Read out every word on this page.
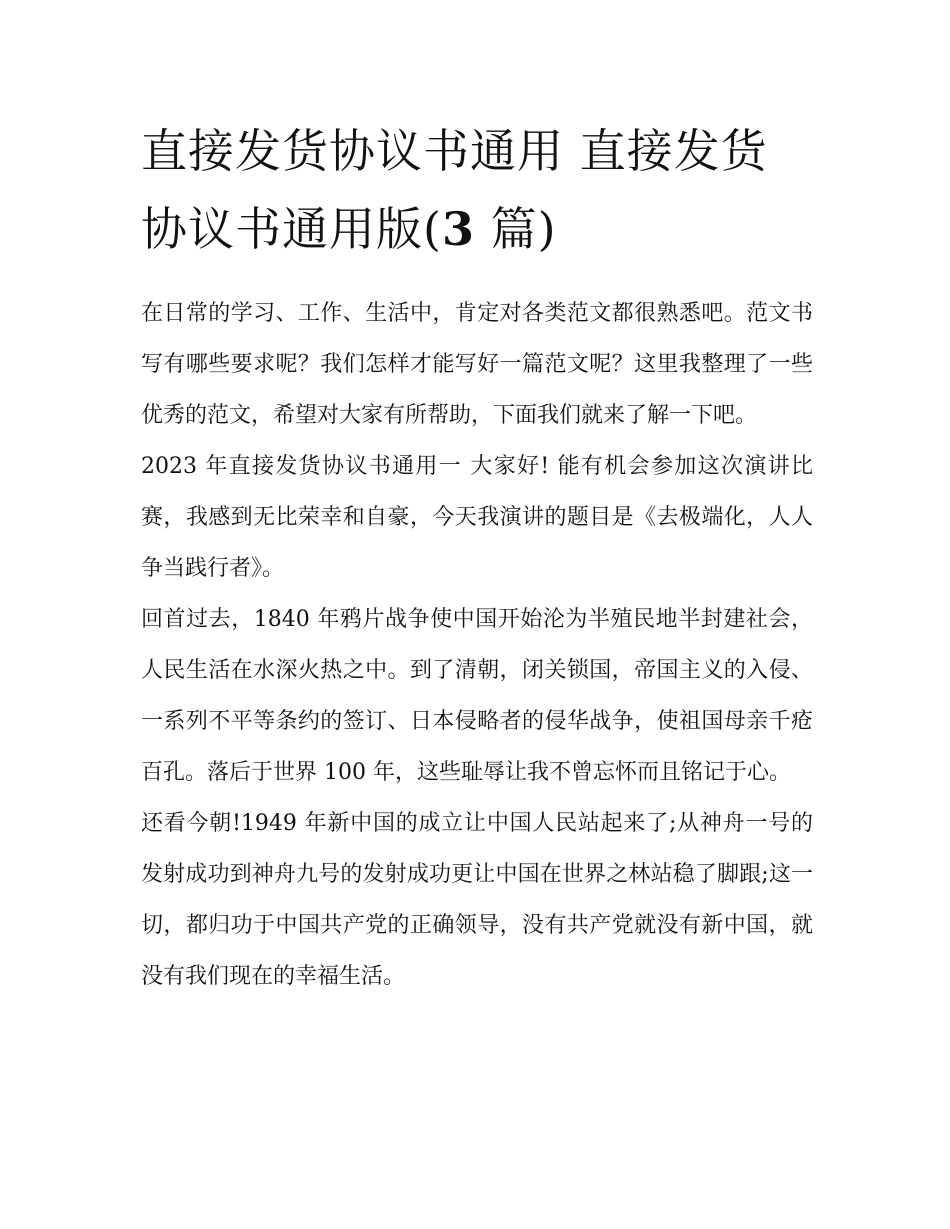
直接发货协议书通用 直接发货协议书通用版(3 篇)

在日常的学习、工作、生活中，肯定对各类范文都很熟悉吧。范文书写有哪些要求呢？我们怎样才能写好一篇范文呢？这里我整理了一些优秀的范文，希望对大家有所帮助，下面我们就来了解一下吧。

2023 年直接发货协议书通用一 大家好! 能有机会参加这次演讲比赛，我感到无比荣幸和自豪，今天我演讲的题目是《去极端化，人人争当践行者》。

回首过去，1840 年鸦片战争使中国开始沦为半殖民地半封建社会，人民生活在水深火热之中。到了清朝，闭关锁国，帝国主义的入侵、一系列不平等条约的签订、日本侵略者的侵华战争，使祖国母亲千疮百孔。落后于世界 100 年，这些耻辱让我不曾忘怀而且铭记于心。

还看今朝!1949 年新中国的成立让中国人民站起来了;从神舟一号的发射成功到神舟九号的发射成功更让中国在世界之林站稳了脚跟;这一切，都归功于中国共产党的正确领导，没有共产党就没有新中国，就没有我们现在的幸福生活。
